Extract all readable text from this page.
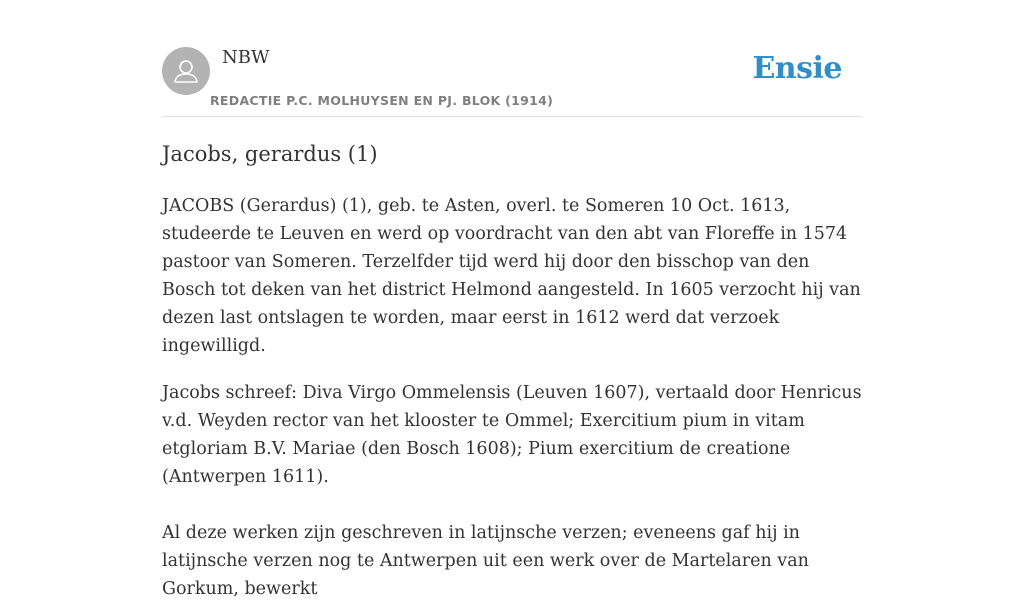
NBW
REDACTIE P.C. MOLHUYSEN EN PJ. BLOK (1914)
Ensie
Jacobs, gerardus (1)

JACOBS (Gerardus) (1), geb. te Asten, overl. te Someren 10 Oct. 1613, studeerde te Leuven en werd op voordracht van den abt van Floreffe in 1574 pastoor van Someren. Terzelfder tijd werd hij door den bisschop van den Bosch tot deken van het district Helmond aangesteld. In 1605 verzocht hij van dezen last ontslagen te worden, maar eerst in 1612 werd dat verzoek ingewilligd.

Jacobs schreef: Diva Virgo Ommelensis (Leuven 1607), vertaald door Henricus v.d. Weyden rector van het klooster te Ommel; Exercitium pium in vitam etgloriam B.V. Mariae (den Bosch 1608); Pium exercitium de creatione (Antwerpen 1611).

Al deze werken zijn geschreven in latijnsche verzen; eveneens gaf hij in latijnsche verzen nog te Antwerpen uit een werk over de Martelaren van Gorkum, bewerkt
